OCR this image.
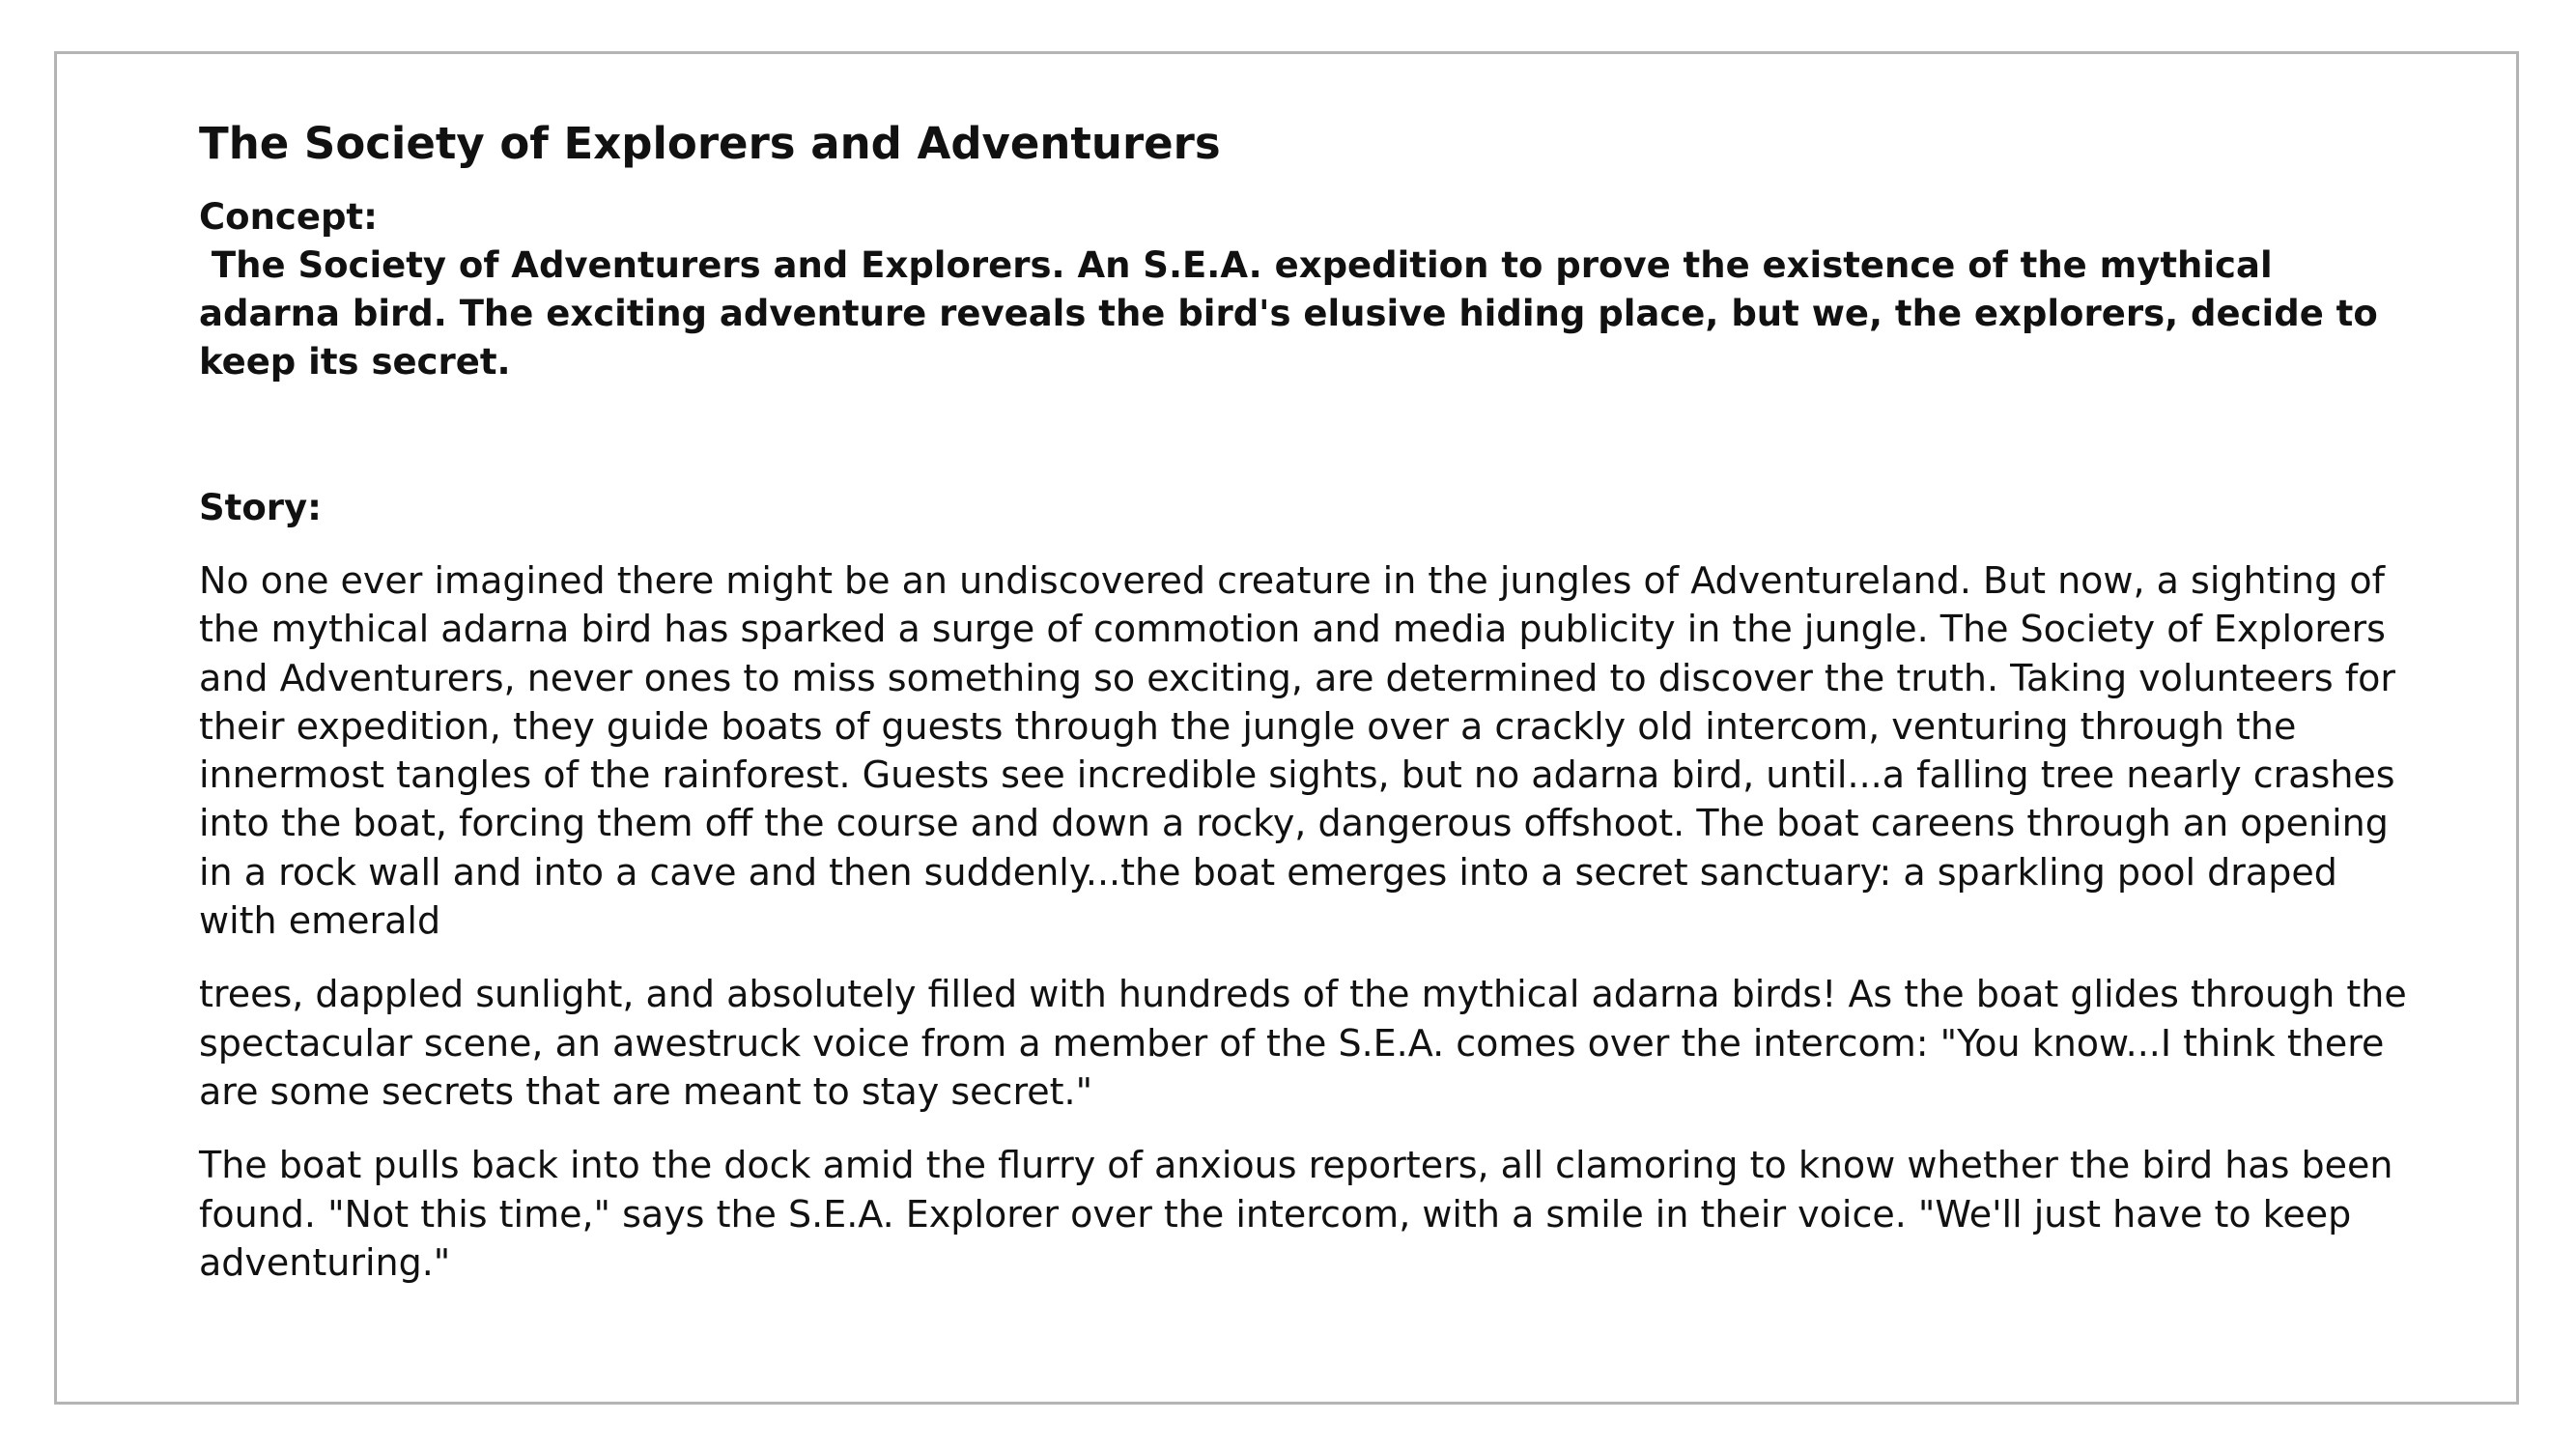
The Society of Explorers and Adventurers

Concept:

The Society of Adventurers and Explorers. An S.E.A. expedition to prove the existence of the mythical adarna bird. The exciting adventure reveals the bird's elusive hiding place, but we, the explorers, decide to keep its secret.

Story:

No one ever imagined there might be an undiscovered creature in the jungles of Adventureland. But now, a sighting of the mythical adarna bird has sparked a surge of commotion and media publicity in the jungle. The Society of Explorers and Adventurers, never ones to miss something so exciting, are determined to discover the truth. Taking volunteers for their expedition, they guide boats of guests through the jungle over a crackly old intercom, venturing through the innermost tangles of the rainforest. Guests see incredible sights, but no adarna bird, until...a falling tree nearly crashes into the boat, forcing them off the course and down a rocky, dangerous offshoot. The boat careens through an opening in a rock wall and into a cave and then suddenly...the boat emerges into a secret sanctuary: a sparkling pool draped with emerald

trees, dappled sunlight, and absolutely filled with hundreds of the mythical adarna birds! As the boat glides through the spectacular scene, an awestruck voice from a member of the S.E.A. comes over the intercom: "You know...I think there are some secrets that are meant to stay secret."

The boat pulls back into the dock amid the flurry of anxious reporters, all clamoring to know whether the bird has been found. "Not this time," says the S.E.A. Explorer over the intercom, with a smile in their voice. "We'll just have to keep adventuring."
